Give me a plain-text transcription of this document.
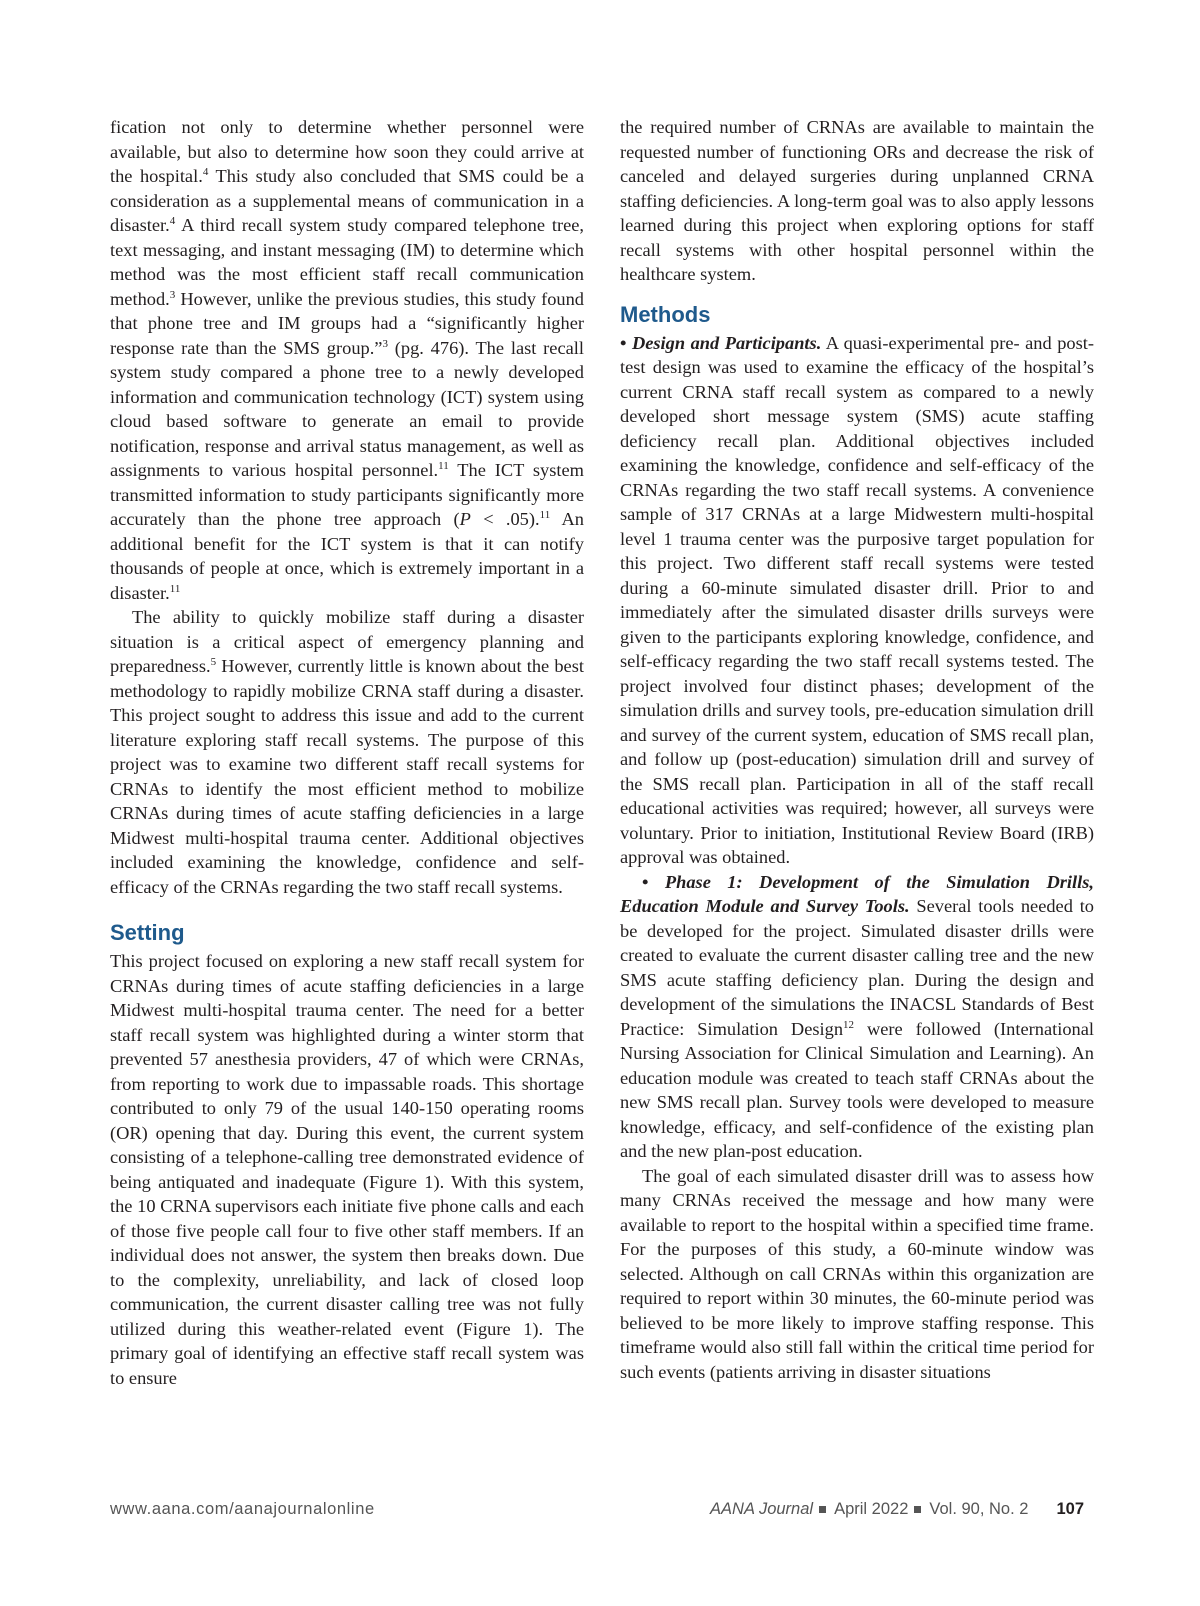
fication not only to determine whether personnel were available, but also to determine how soon they could arrive at the hospital.$^4$ This study also concluded that SMS could be a consideration as a supplemental means of communication in a disaster.$^4$ A third recall system study compared telephone tree, text messaging, and instant messaging (IM) to determine which method was the most efficient staff recall communication method.$^3$ However, unlike the previous studies, this study found that phone tree and IM groups had a “significantly higher response rate than the SMS group.”$^3$ (pg. 476). The last recall system study compared a phone tree to a newly developed information and communication technology (ICT) system using cloud based software to generate an email to provide notification, response and arrival status management, as well as assignments to various hospital personnel.$^{11}$ The ICT system transmitted information to study participants significantly more accurately than the phone tree approach (P < .05).$^{11}$ An additional benefit for the ICT system is that it can notify thousands of people at once, which is extremely important in a disaster.$^{11}$

The ability to quickly mobilize staff during a disaster situation is a critical aspect of emergency planning and preparedness.$^5$ However, currently little is known about the best methodology to rapidly mobilize CRNA staff during a disaster. This project sought to address this issue and add to the current literature exploring staff recall systems. The purpose of this project was to examine two different staff recall systems for CRNAs to identify the most efficient method to mobilize CRNAs during times of acute staffing deficiencies in a large Midwest multi-hospital trauma center. Additional objectives included examining the knowledge, confidence and self-efficacy of the CRNAs regarding the two staff recall systems.

Setting

This project focused on exploring a new staff recall system for CRNAs during times of acute staffing deficiencies in a large Midwest multi-hospital trauma center. The need for a better staff recall system was highlighted during a winter storm that prevented 57 anesthesia providers, 47 of which were CRNAs, from reporting to work due to impassable roads. This shortage contributed to only 79 of the usual 140-150 operating rooms (OR) opening that day. During this event, the current system consisting of a telephone-calling tree demonstrated evidence of being antiquated and inadequate (Figure 1). With this system, the 10 CRNA supervisors each initiate five phone calls and each of those five people call four to five other staff members. If an individual does not answer, the system then breaks down. Due to the complexity, unreliability, and lack of closed loop communication, the current disaster calling tree was not fully utilized during this weather-related event (Figure 1). The primary goal of identifying an effective staff recall system was to ensure

the required number of CRNAs are available to maintain the requested number of functioning ORs and decrease the risk of canceled and delayed surgeries during unplanned CRNA staffing deficiencies. A long-term goal was to also apply lessons learned during this project when exploring options for staff recall systems with other hospital personnel within the healthcare system.

Methods

• Design and Participants. A quasi-experimental pre- and post- test design was used to examine the efficacy of the hospital’s current CRNA staff recall system as compared to a newly developed short message system (SMS) acute staffing deficiency recall plan. Additional objectives included examining the knowledge, confidence and self-efficacy of the CRNAs regarding the two staff recall systems. A convenience sample of 317 CRNAs at a large Midwestern multi-hospital level 1 trauma center was the purposive target population for this project. Two different staff recall systems were tested during a 60-minute simulated disaster drill. Prior to and immediately after the simulated disaster drills surveys were given to the participants exploring knowledge, confidence, and self-efficacy regarding the two staff recall systems tested. The project involved four distinct phases; development of the simulation drills and survey tools, pre-education simulation drill and survey of the current system, education of SMS recall plan, and follow up (post-education) simulation drill and survey of the SMS recall plan. Participation in all of the staff recall educational activities was required; however, all surveys were voluntary. Prior to initiation, Institutional Review Board (IRB) approval was obtained.

• Phase 1: Development of the Simulation Drills, Education Module and Survey Tools. Several tools needed to be developed for the project. Simulated disaster drills were created to evaluate the current disaster calling tree and the new SMS acute staffing deficiency plan. During the design and development of the simulations the INACSL Standards of Best Practice: Simulation Design$^{12}$ were followed (International Nursing Association for Clinical Simulation and Learning). An education module was created to teach staff CRNAs about the new SMS recall plan. Survey tools were developed to measure knowledge, efficacy, and self-confidence of the existing plan and the new plan-post education.

The goal of each simulated disaster drill was to assess how many CRNAs received the message and how many were available to report to the hospital within a specified time frame. For the purposes of this study, a 60-minute window was selected. Although on call CRNAs within this organization are required to report within 30 minutes, the 60-minute period was believed to be more likely to improve staffing response. This timeframe would also still fall within the critical time period for such events (patients arriving in disaster situations

www.aana.com/aanajournalonline	AANA Journal April 2022 Vol. 90, No. 2 107
